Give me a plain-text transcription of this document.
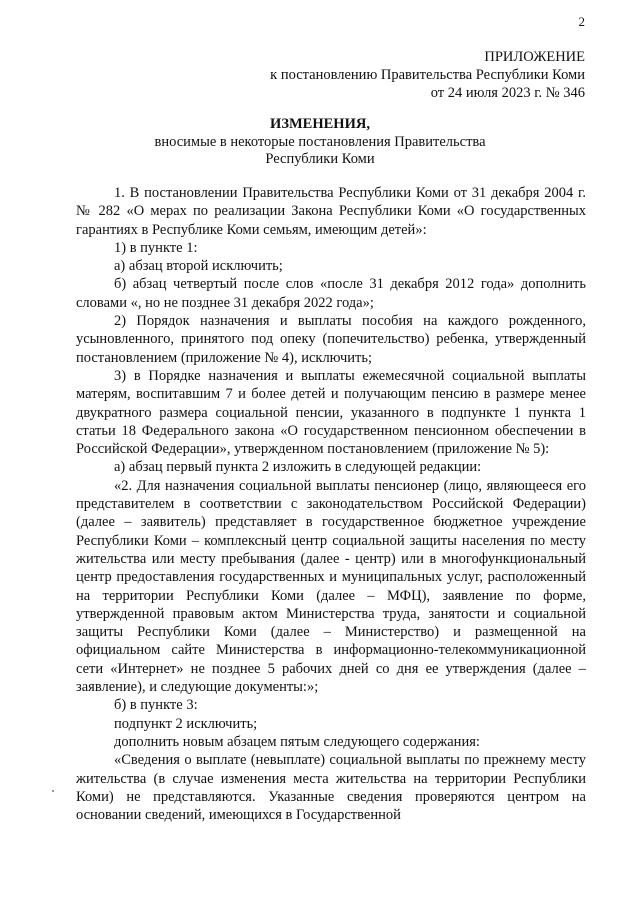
2
ПРИЛОЖЕНИЕ
к постановлению Правительства Республики Коми
от 24 июля 2023 г. № 346
ИЗМЕНЕНИЯ,
вносимые в некоторые постановления Правительства
Республики Коми

1. В постановлении Правительства Республики Коми от 31 декабря 2004 г. № 282 «О мерах по реализации Закона Республики Коми «О государственных гарантиях в Республике Коми семьям, имеющим детей»:

1) в пункте 1:

а) абзац второй исключить;

б) абзац четвертый после слов «после 31 декабря 2012 года» дополнить словами «, но не позднее 31 декабря 2022 года»;

2) Порядок назначения и выплаты пособия на каждого рожденного, усыновленного, принятого под опеку (попечительство) ребенка, утвержденный постановлением (приложение № 4), исключить;

3) в Порядке назначения и выплаты ежемесячной социальной выплаты матерям, воспитавшим 7 и более детей и получающим пенсию в размере менее двукратного размера социальной пенсии, указанного в подпункте 1 пункта 1 статьи 18 Федерального закона «О государственном пенсионном обеспечении в Российской Федерации», утвержденном постановлением (приложение № 5):

а) абзац первый пункта 2 изложить в следующей редакции:

«2. Для назначения социальной выплаты пенсионер (лицо, являющееся его представителем в соответствии с законодательством Российской Федерации) (далее – заявитель) представляет в государственное бюджетное учреждение Республики Коми – комплексный центр социальной защиты населения по месту жительства или месту пребывания (далее - центр) или в многофункциональный центр предоставления государственных и муниципальных услуг, расположенный на территории Республики Коми (далее – МФЦ), заявление по форме, утвержденной правовым актом Министерства труда, занятости и социальной защиты Республики Коми (далее – Министерство) и размещенной на официальном сайте Министерства в информационно-телекоммуникационной сети «Интернет» не позднее 5 рабочих дней со дня ее утверждения (далее – заявление), и следующие документы:»;

б) в пункте 3:

подпункт 2 исключить;

дополнить новым абзацем пятым следующего содержания:

«Сведения о выплате (невыплате) социальной выплаты по прежнему месту жительства (в случае изменения места жительства на территории Республики Коми) не представляются. Указанные сведения проверяются центром на основании сведений, имеющихся в Государственной
